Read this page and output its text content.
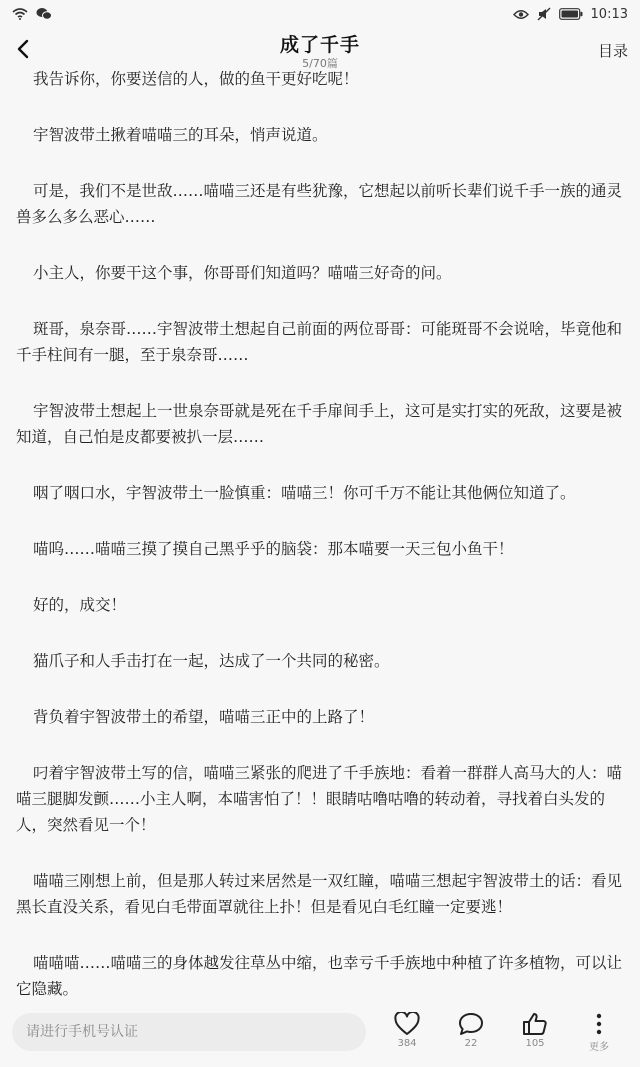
10:13
成了千手
5/70篇
目录

我告诉你，你要送信的人，做的鱼干更好吃呢！

宇智波带土揪着喵喵三的耳朵，悄声说道。

可是，我们不是世敌……喵喵三还是有些犹豫，它想起以前听长辈们说千手一族的通灵兽多么多么恶心……

小主人，你要干这个事，你哥哥们知道吗？喵喵三好奇的问。

斑哥，泉奈哥……宇智波带土想起自己前面的两位哥哥：可能斑哥不会说啥，毕竟他和千手柱间有一腿，至于泉奈哥……

宇智波带土想起上一世泉奈哥就是死在千手扉间手上，这可是实打实的死敌，这要是被知道，自己怕是皮都要被扒一层……

咽了咽口水，宇智波带土一脸慎重：喵喵三！你可千万不能让其他俩位知道了。

喵呜……喵喵三摸了摸自己黑乎乎的脑袋：那本喵要一天三包小鱼干！

好的，成交！

猫爪子和人手击打在一起，达成了一个共同的秘密。

背负着宇智波带土的希望，喵喵三正中的上路了！

叼着宇智波带土写的信，喵喵三紧张的爬进了千手族地：看着一群群人高马大的人：喵喵三腿脚发颤……小主人啊，本喵害怕了！！眼睛咕噜咕噜的转动着，寻找着白头发的人，突然看见一个！

喵喵三刚想上前，但是那人转过来居然是一双红瞳，喵喵三想起宇智波带土的话：看见黑长直没关系，看见白毛带面罩就往上扑！但是看见白毛红瞳一定要逃！

喵喵喵……喵喵三的身体越发往草丛中缩，也幸亏千手族地中种植了许多植物，可以让它隐藏。

请进行手机号认证
384	22	105	更多
